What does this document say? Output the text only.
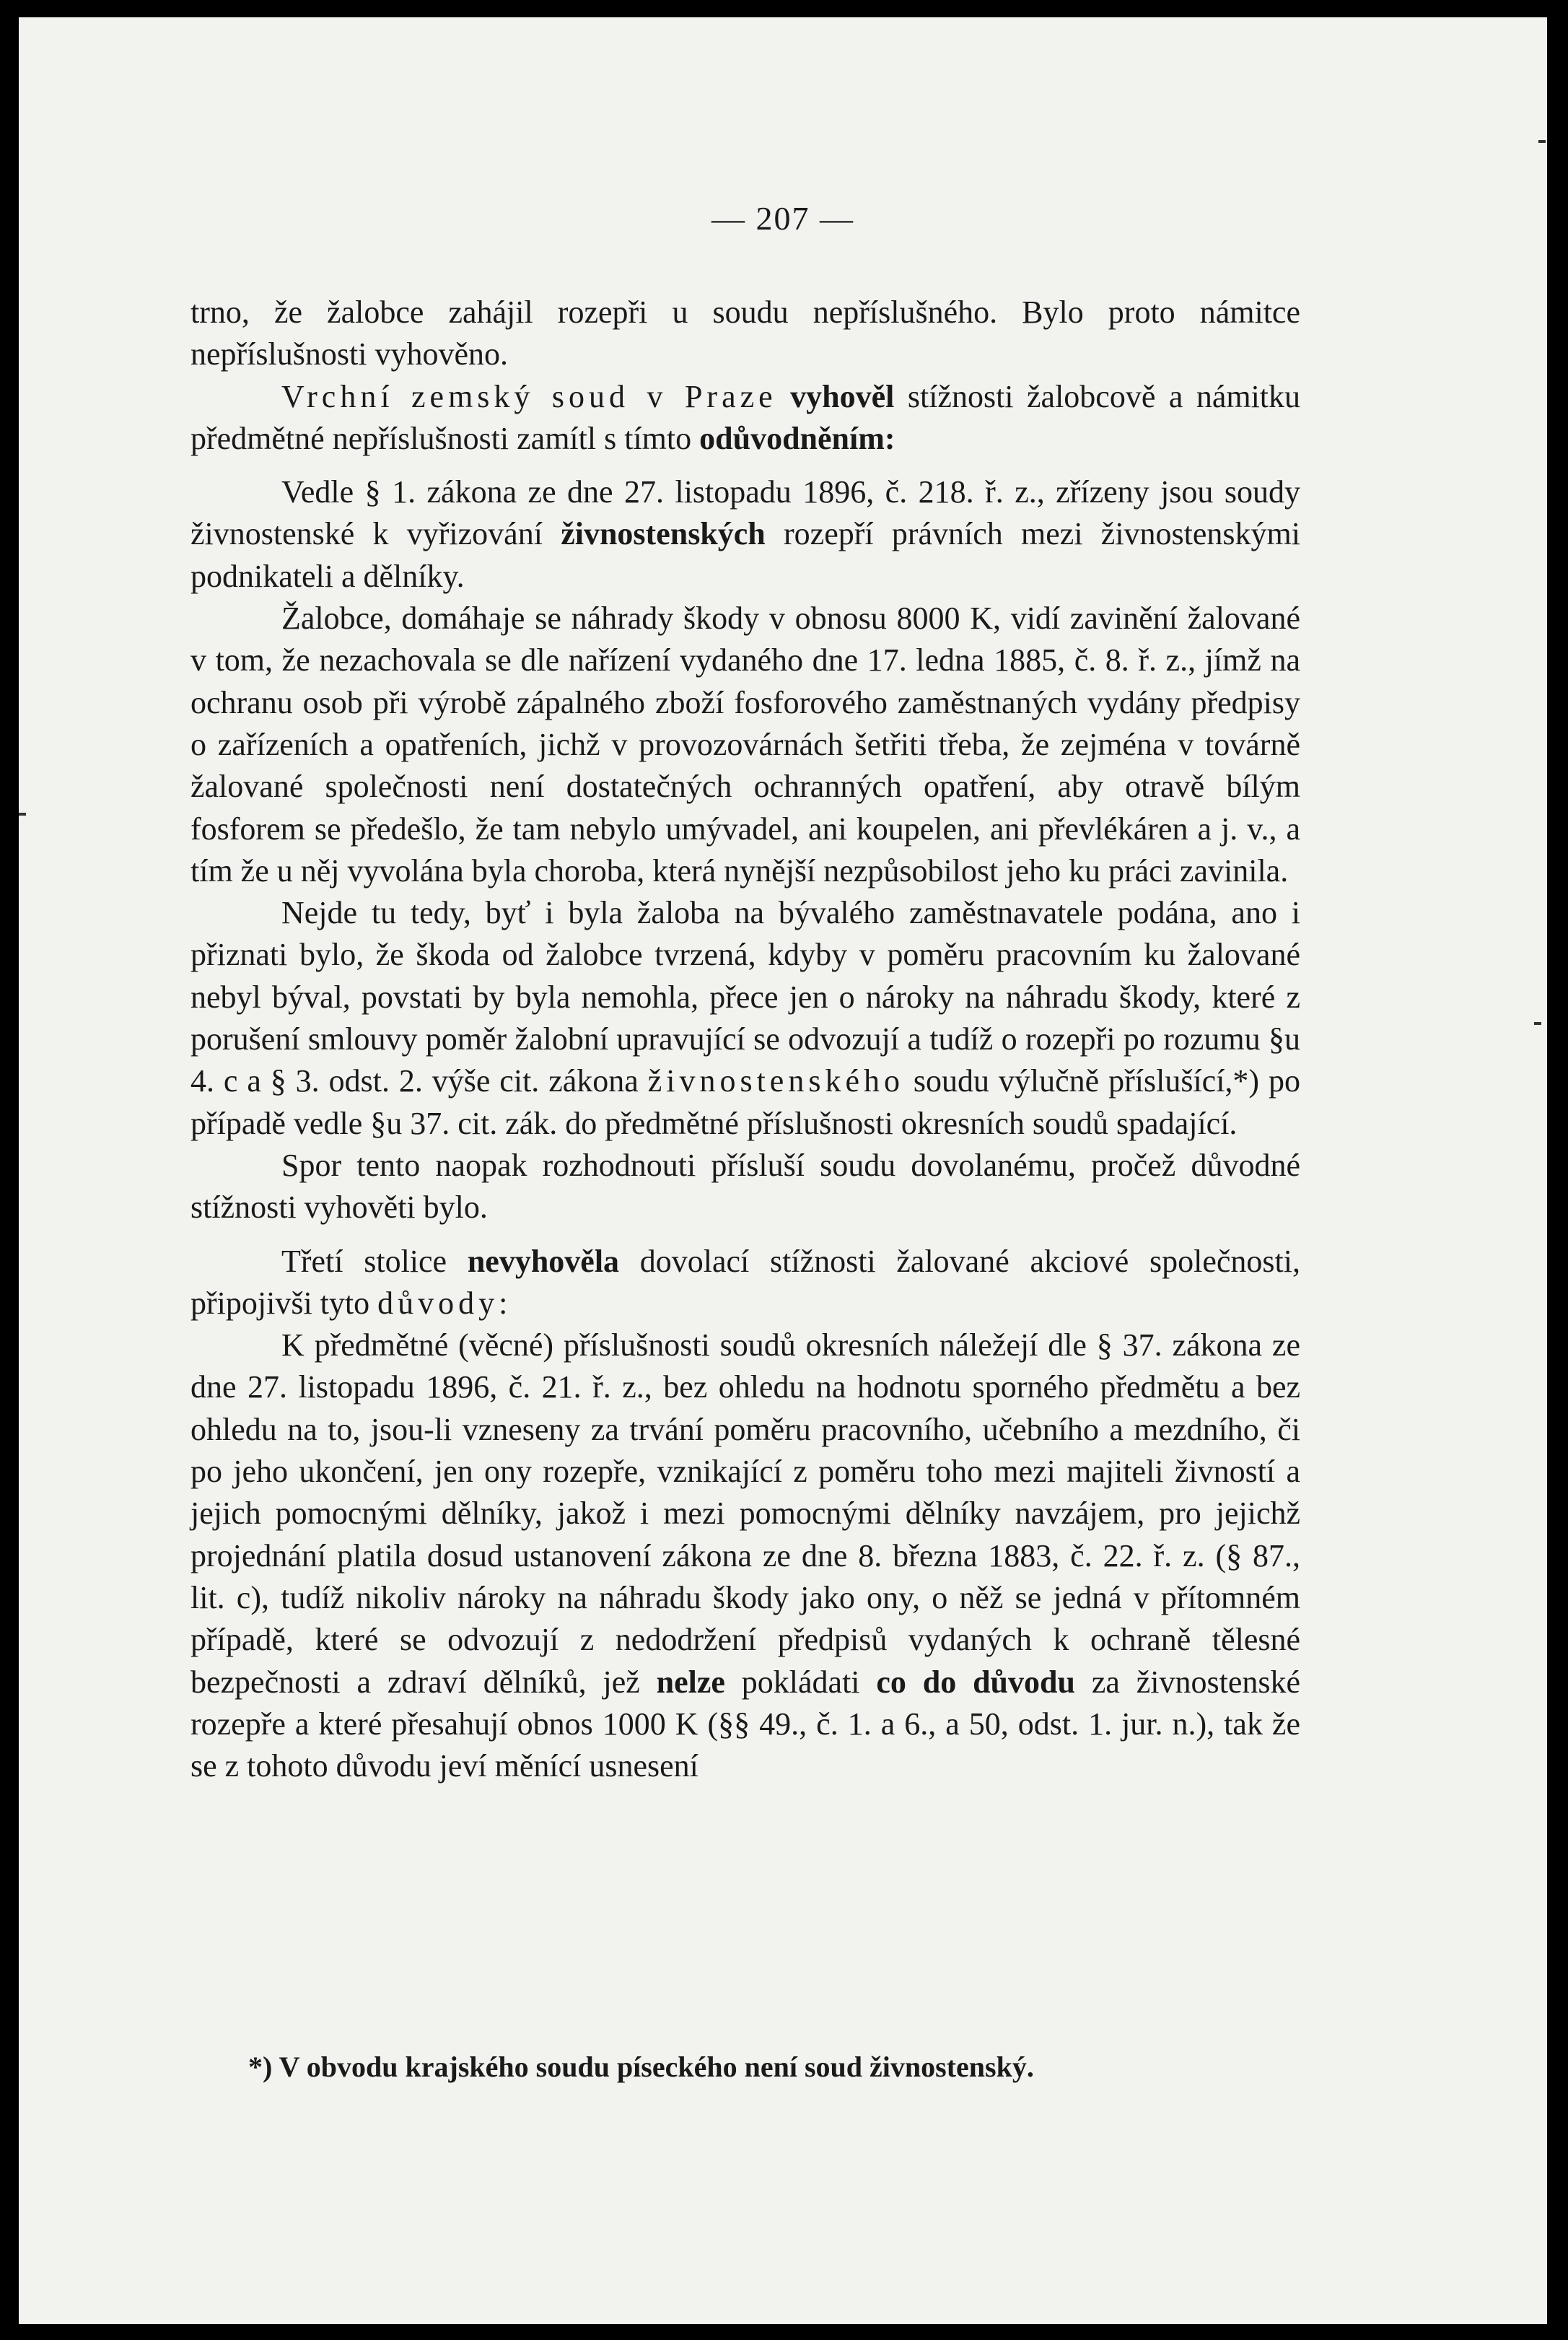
— 207 —

trno, že žalobce zahájil rozepři u soudu nepříslušného. Bylo proto námitce nepříslušnosti vyhověno.

Vrchní zemský soud v Praze vyhověl stížnosti žalobcově a námitku předmětné nepříslušnosti zamítl s tímto odůvodněním:

Vedle § 1. zákona ze dne 27. listopadu 1896, č. 218. ř. z., zřízeny jsou soudy živnostenské k vyřizování živnostenských rozepří právních mezi živnostenskými podnikateli a dělníky.

Žalobce, domáhaje se náhrady škody v obnosu 8000 K, vidí zavinění žalované v tom, že nezachovala se dle nařízení vydaného dne 17. ledna 1885, č. 8. ř. z., jímž na ochranu osob při výrobě zápalného zboží fosforového zaměstnaných vydány předpisy o zařízeních a opatřeních, jichž v provozovárnách šetřiti třeba, že zejména v továrně žalované společnosti není dostatečných ochranných opatření, aby otravě bílým fosforem se předešlo, že tam nebylo umývadel, ani koupelen, ani převlékáren a j. v., a tím že u něj vyvolána byla choroba, která nynější nezpůsobilost jeho ku práci zavinila.

Nejde tu tedy, byť i byla žaloba na bývalého zaměstnavatele podána, ano i přiznati bylo, že škoda od žalobce tvrzená, kdyby v poměru pracovním ku žalované nebyl býval, povstati by byla nemohla, přece jen o nároky na náhradu škody, které z porušení smlouvy poměr žalobní upravující se odvozují a tudíž o rozepři po rozumu §u 4. c a § 3. odst. 2. výše cit. zákona živnostenského soudu výlučně příslušící,*) po případě vedle §u 37. cit. zák. do předmětné příslušnosti okresních soudů spadající.

Spor tento naopak rozhodnouti přísluší soudu dovolanému, pročež důvodné stížnosti vyhověti bylo.

Třetí stolice nevyhověla dovolací stížnosti žalované akciové společnosti, připojivši tyto důvody:

K předmětné (věcné) příslušnosti soudů okresních náležejí dle § 37. zákona ze dne 27. listopadu 1896, č. 21. ř. z., bez ohledu na hodnotu sporného předmětu a bez ohledu na to, jsou-li vzneseny za trvání poměru pracovního, učebního a mezdního, či po jeho ukončení, jen ony rozepře, vznikající z poměru toho mezi majiteli živností a jejich pomocnými dělníky, jakož i mezi pomocnými dělníky navzájem, pro jejichž projednání platila dosud ustanovení zákona ze dne 8. března 1883, č. 22. ř. z. (§ 87., lit. c), tudíž nikoliv nároky na náhradu škody jako ony, o něž se jedná v přítomném případě, které se odvozují z nedodržení předpisů vydaných k ochraně tělesné bezpečnosti a zdraví dělníků, jež nelze pokládati co do důvodu za živnostenské rozepře a které přesahují obnos 1000 K (§§ 49., č. 1. a 6., a 50, odst. 1. jur. n.), tak že se z tohoto důvodu jeví měnící usnesení

*) V obvodu krajského soudu píseckého není soud živnostenský.
